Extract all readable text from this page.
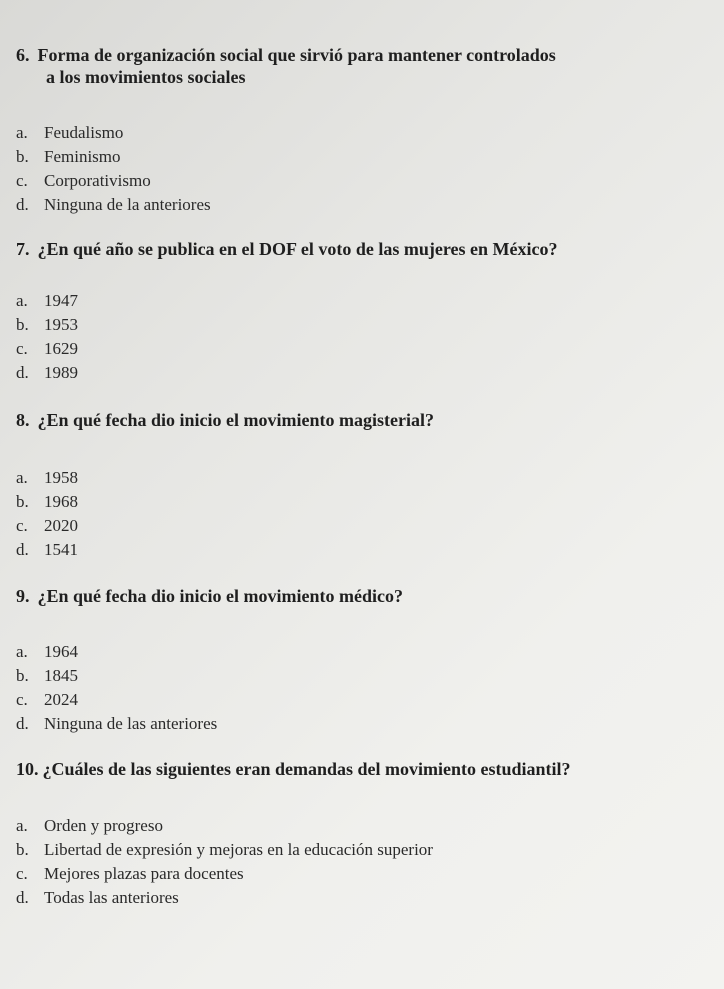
6. Forma de organización social que sirvió para mantener controlados
a los movimientos sociales
a. Feudalismo
b. Feminismo
c. Corporativismo
d. Ninguna de la anteriores
7. ¿En qué año se publica en el DOF el voto de las mujeres en México?
a. 1947
b. 1953
c. 1629
d. 1989
8. ¿En qué fecha dio inicio el movimiento magisterial?
a. 1958
b. 1968
c. 2020
d. 1541
9. ¿En qué fecha dio inicio el movimiento médico?
a. 1964
b. 1845
c. 2024
d. Ninguna de las anteriores
10. ¿Cuáles de las siguientes eran demandas del movimiento estudiantil?
a. Orden y progreso
b. Libertad de expresión y mejoras en la educación superior
c. Mejores plazas para docentes
d. Todas las anteriores
